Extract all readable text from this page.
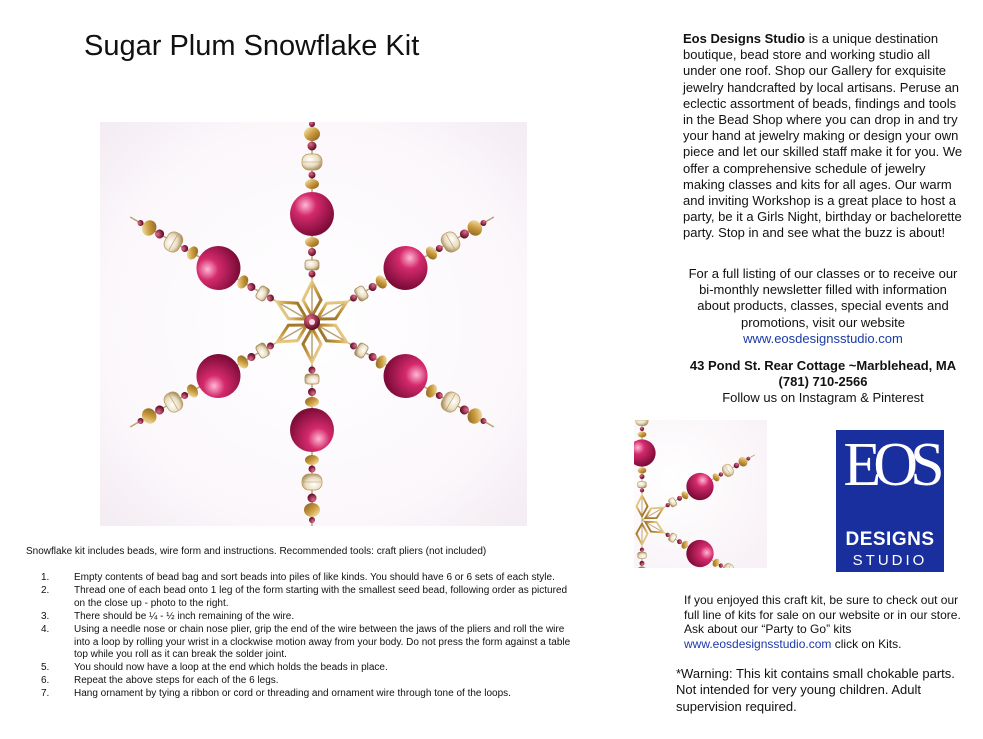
Sugar Plum Snowflake Kit	Eos Designs Studio is a unique destination boutique, bead store and working studio all under one roof. Shop our Gallery for exquisite jewelry handcrafted by local artisans. Peruse an eclectic assortment of beads, findings and tools in the Bead Shop where you can drop in and try your hand at jewelry making or design your own piece and let our skilled staff make it for you. We offer a comprehensive schedule of jewelry making classes and kits for all ages. Our warm and inviting Workshop is a great place to host a party, be it a Girls Night, birthday or bachelorette party. Stop in and see what the buzz is about!
For a full listing of our classes or to receive our bi-monthly newsletter filled with information about products, classes, special events and promotions, visit our website
www.eosdesignsstudio.com
43 Pond St. Rear Cottage ~Marblehead, MA
(781) 710-2566
Follow us on Instagram & Pinterest
EOS
DESIGNS
STUDIO
If you enjoyed this craft kit, be sure to check out our full line of kits for sale on our website or in our store. Ask about our “Party to Go” kits
www.eosdesignsstudio.com click on Kits.
*Warning: This kit contains small chokable parts. Not intended for very young children. Adult supervision required.
Snowflake kit includes beads, wire form and instructions. Recommended tools: craft pliers (not included)
1.	Empty contents of bead bag and sort beads into piles of like kinds. You should have 6 or 6 sets of each style.
2.	Thread one of each bead onto 1 leg of the form starting with the smallest seed bead, following order as pictured on the close up - photo to the right.
3.	There should be ¼ - ½ inch remaining of the wire.
4.	Using a needle nose or chain nose plier, grip the end of the wire between the jaws of the pliers and roll the wire into a loop by rolling your wrist in a clockwise motion away from your body. Do not press the form against a table top while you roll as it can break the solder joint.
5.	You should now have a loop at the end which holds the beads in place.
6.	Repeat the above steps for each of the 6 legs.
7.	Hang ornament by tying a ribbon or cord or threading and ornament wire through tone of the loops.
